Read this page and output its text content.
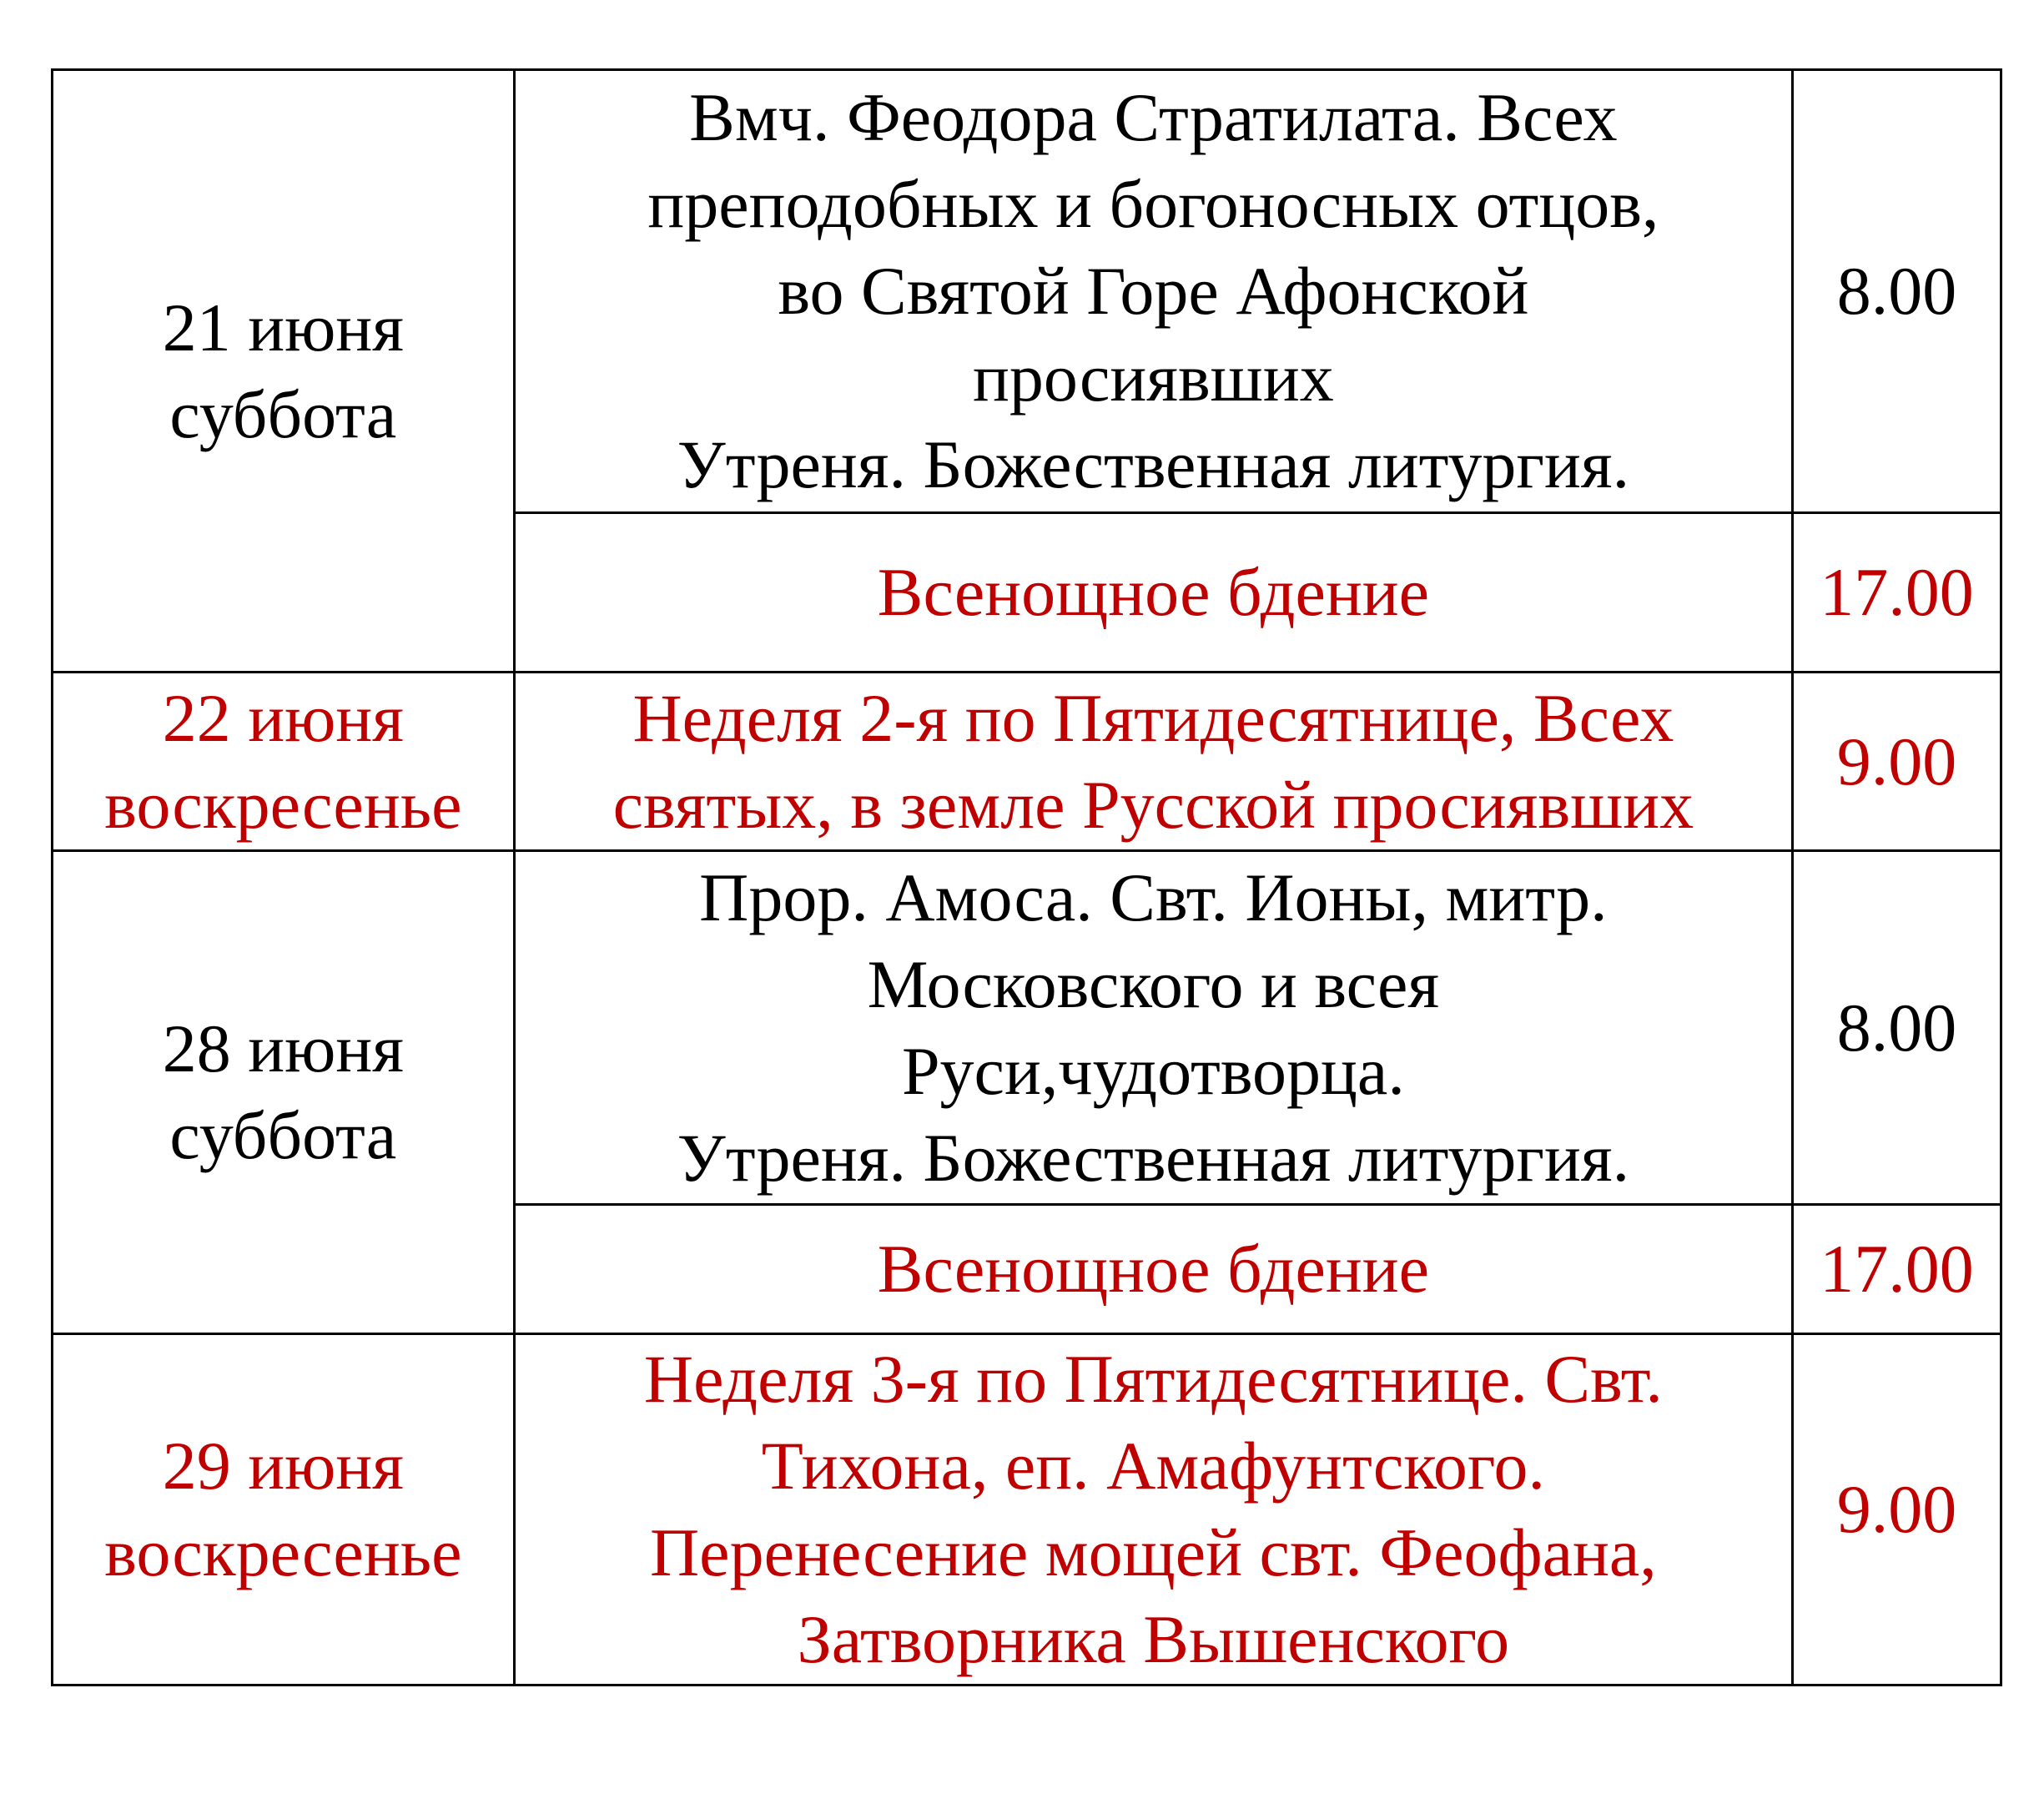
21 июня
суббота	Вмч. Феодора Стратилата. Всех
преподобных и богоносных отцов,
во Святой Горе Афонской
просиявших
Утреня. Божественная литургия.	8.00

	Всенощное бдение	17.00

22 июня
воскресенье	Неделя 2-я по Пятидесятнице, Всех
святых, в земле Русской просиявших	9.00

28 июня
суббота	Прор. Амоса. Свт. Ионы, митр.
Московского и всея
Руси,чудотворца.
Утреня. Божественная литургия.	8.00

	Всенощное бдение	17.00

29 июня
воскресенье	Неделя 3-я по Пятидесятнице. Свт.
Тихона, еп. Амафунтского.
Перенесение мощей свт. Феофана,
Затворника Вышенского	9.00
